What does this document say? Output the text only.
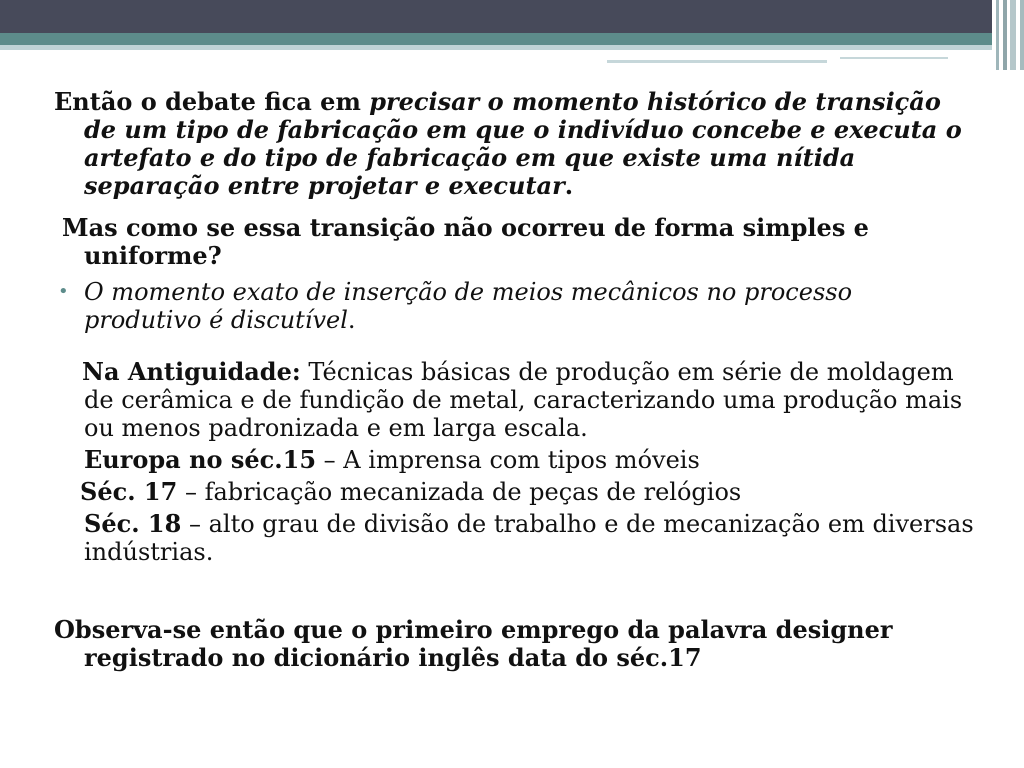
Então o debate fica em precisar o momento histórico de transição de um tipo de fabricação em que o indivíduo concebe e executa o artefato e do tipo de fabricação em que existe uma nítida separação entre projetar e executar.

Mas como se essa transição não ocorreu de forma simples e uniforme?

• O momento exato de inserção de meios mecânicos no processo produtivo é discutível.

Na Antiguidade: Técnicas básicas de produção em série de moldagem de cerâmica e de fundição de metal, caracterizando uma produção mais ou menos padronizada e em larga escala.

Europa no séc.15 – A imprensa com tipos móveis

Séc. 17 – fabricação mecanizada de peças de relógios

Séc. 18 – alto grau de divisão de trabalho e de mecanização em diversas indústrias.

Observa-se então que o primeiro emprego da palavra designer registrado no dicionário inglês data do séc.17
